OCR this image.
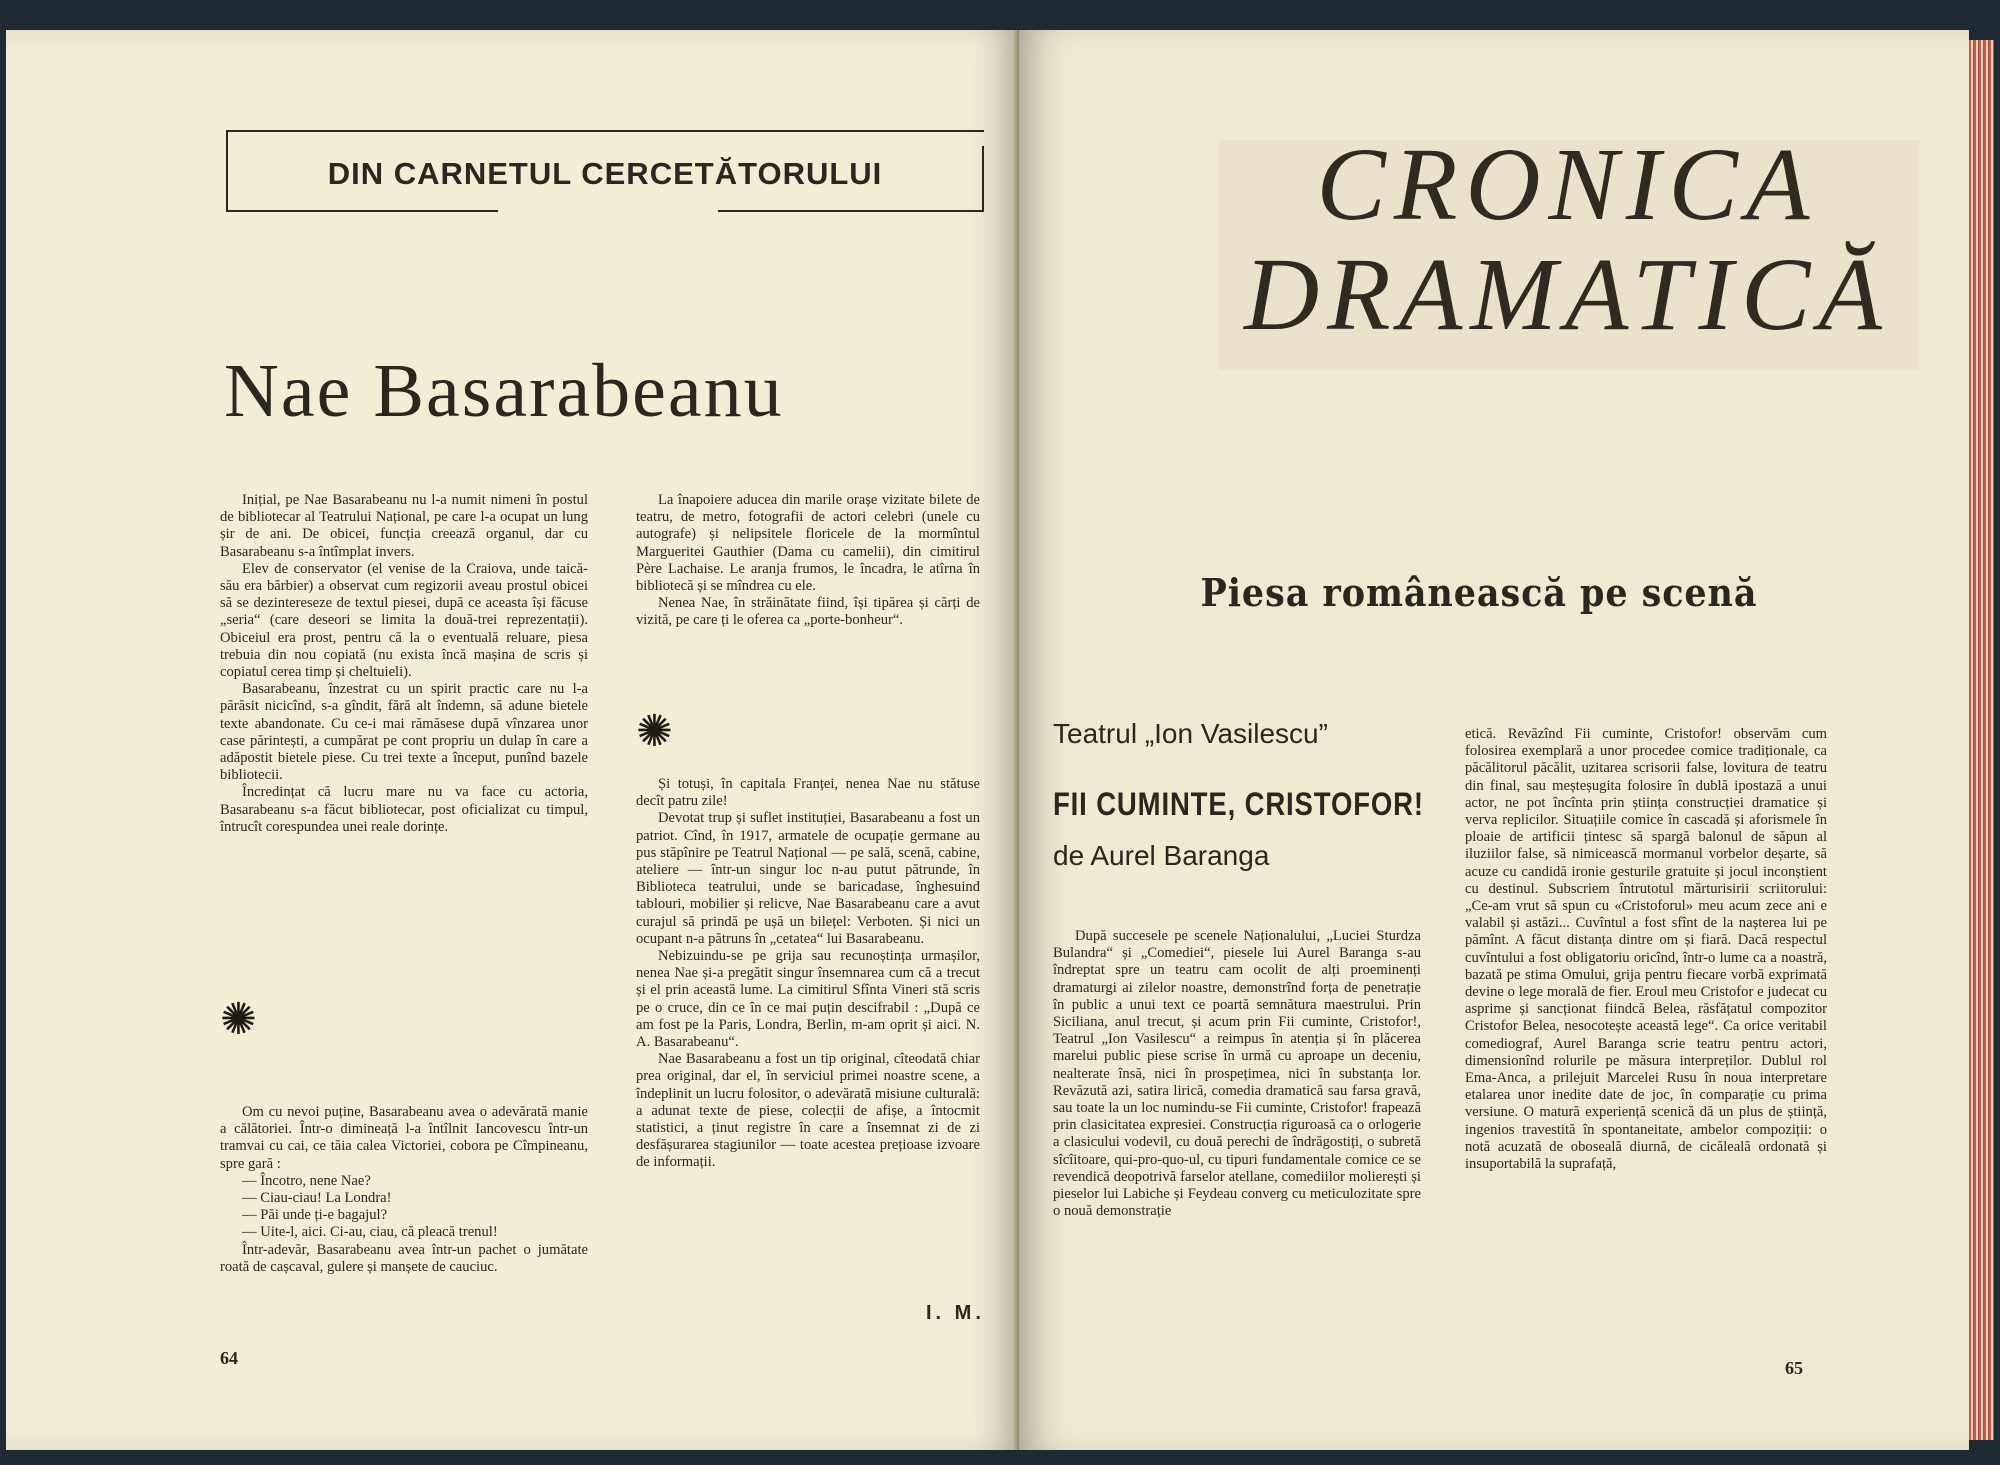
DIN CARNETUL CERCETĂTORULUI
Nae Basarabeanu

Inițial, pe Nae Basarabeanu nu l-a numit nimeni în postul de bibliotecar al Teatrului Național, pe care l-a ocupat un lung șir de ani. De obicei, funcția creează organul, dar cu Basarabeanu s-a întîmplat invers.

Elev de conservator (el venise de la Craiova, unde taică-său era bărbier) a observat cum regizorii aveau prostul obicei să se dezintereseze de textul piesei, după ce aceasta își făcuse „seria“ (care deseori se limita la două-trei reprezentații). Obiceiul era prost, pentru că la o eventuală reluare, piesa trebuia din nou copiată (nu exista încă mașina de scris și copiatul cerea timp și cheltuieli).

Basarabeanu, înzestrat cu un spirit practic care nu l-a părăsit nicicînd, s-a gîndit, fără alt îndemn, să adune bietele texte abandonate. Cu ce-i mai rămăsese după vînzarea unor case părintești, a cumpărat pe cont propriu un dulap în care a adăpostit bietele piese. Cu trei texte a început, punînd bazele bibliotecii.

Încredințat că lucru mare nu va face cu actoria, Basarabeanu s-a făcut bibliotecar, post oficializat cu timpul, întrucît corespundea unei reale dorințe.

✺

Om cu nevoi puține, Basarabeanu avea o adevărată manie a călătoriei. Într-o dimineață l-a întîlnit Iancovescu într-un tramvai cu cai, ce tăia calea Victoriei, cobora pe Cîmpineanu, spre gară :

— Încotro, nene Nae?

— Ciau-ciau! La Londra!

— Păi unde ți-e bagajul?

— Uite-l, aici. Ci-au, ciau, că pleacă trenul!

Într-adevăr, Basarabeanu avea într-un pachet o jumătate roată de cașcaval, gulere și manșete de cauciuc.

64

La înapoiere aducea din marile orașe vizitate bilete de teatru, de metro, fotografii de actori celebri (unele cu autografe) și nelipsitele floricele de la mormîntul Margueritei Gauthier (Dama cu camelii), din cimitirul Père Lachaise. Le aranja frumos, le încadra, le atîrna în bibliotecă și se mîndrea cu ele.

Nenea Nae, în străinătate fiind, își tipărea și cărți de vizită, pe care ți le oferea ca „porte-bonheur“.

✺

Și totuși, în capitala Franței, nenea Nae nu stătuse decît patru zile!

Devotat trup și suflet instituției, Basarabeanu a fost un patriot. Cînd, în 1917, armatele de ocupație germane au pus stăpînire pe Teatrul Național — pe sală, scenă, cabine, ateliere — într-un singur loc n-au putut pătrunde, în Biblioteca teatrului, unde se baricadase, înghesuind tablouri, mobilier și relicve, Nae Basarabeanu care a avut curajul să prindă pe ușă un bilețel: Verboten. Și nici un ocupant n-a pătruns în „cetatea“ lui Basarabeanu.

Nebizuindu-se pe grija sau recunoștința urmașilor, nenea Nae și-a pregătit singur însemnarea cum că a trecut și el prin această lume. La cimitirul Sfînta Vineri stă scris pe o cruce, din ce în ce mai puțin descifrabil : „După ce am fost pe la Paris, Londra, Berlin, m-am oprit și aici. N. A. Basarabeanu“.

Nae Basarabeanu a fost un tip original, cîteodată chiar prea original, dar el, în serviciul primei noastre scene, a îndeplinit un lucru folositor, o adevărată misiune culturală: a adunat texte de piese, colecții de afișe, a întocmit statistici, a ținut registre în care a însemnat zi de zi desfășurarea stagiunilor — toate acestea prețioase izvoare de informații.

I. M.
CRONICA
DRAMATICĂ
Piesa românească pe scenă
Teatrul „Ion Vasilescu”
FII CUMINTE, CRISTOFOR!
de Aurel Baranga

După succesele pe scenele Naționalului, „Luciei Sturdza Bulandra“ și „Comediei“, piesele lui Aurel Baranga s-au îndreptat spre un teatru cam ocolit de alți proeminenți dramaturgi ai zilelor noastre, demonstrînd forța de penetrație în public a unui text ce poartă semnătura maestrului. Prin Siciliana, anul trecut, și acum prin Fii cuminte, Cristofor!, Teatrul „Ion Vasilescu“ a reimpus în atenția și în plăcerea marelui public piese scrise în urmă cu aproape un deceniu, nealterate însă, nici în prospețimea, nici în substanța lor. Revăzută azi, satira lirică, comedia dramatică sau farsa gravă, sau toate la un loc numindu-se Fii cuminte, Cristofor! frapează prin clasicitatea expresiei. Construcția riguroasă ca o orlogerie a clasicului vodevil, cu două perechi de îndrăgostiți, o subretă sîcîitoare, qui-pro-quo-ul, cu tipuri fundamentale comice ce se revendică deopotrivă farselor atellane, comediilor molierești și pieselor lui Labiche și Feydeau converg cu meticulozitate spre o nouă demonstrație

etică. Revăzînd Fii cuminte, Cristofor! observăm cum folosirea exemplară a unor procedee comice tradiționale, ca păcălitorul păcălit, uzitarea scrisorii false, lovitura de teatru din final, sau meșteșugita folosire în dublă ipostază a unui actor, ne pot încînta prin știința construcției dramatice și verva replicilor. Situațiile comice în cascadă și aforismele în ploaie de artificii țintesc să spargă balonul de săpun al iluziilor false, să nimicească mormanul vorbelor deșarte, să acuze cu candidă ironie gesturile gratuite și jocul inconștient cu destinul. Subscriem întrutotul mărturisirii scriitorului: „Ce-am vrut să spun cu «Cristoforul» meu acum zece ani e valabil și astăzi... Cuvîntul a fost sfînt de la nașterea lui pe pămînt. A făcut distanța dintre om și fiară. Dacă respectul cuvîntului a fost obligatoriu oricînd, într-o lume ca a noastră, bazată pe stima Omului, grija pentru fiecare vorbă exprimată devine o lege morală de fier. Eroul meu Cristofor e judecat cu asprime și sancționat fiindcă Belea, răsfățatul compozitor Cristofor Belea, nesocotește această lege“. Ca orice veritabil comediograf, Aurel Baranga scrie teatru pentru actori, dimensionînd rolurile pe măsura interpreților. Dublul rol Ema-Anca, a prilejuit Marcelei Rusu în noua interpretare etalarea unor inedite date de joc, în comparație cu prima versiune. O matură experiență scenică dă un plus de știință, ingenios travestită în spontaneitate, ambelor compoziții: o notă acuzată de oboseală diurnă, de cicăleală ordonată și insuportabilă la suprafață,

65
